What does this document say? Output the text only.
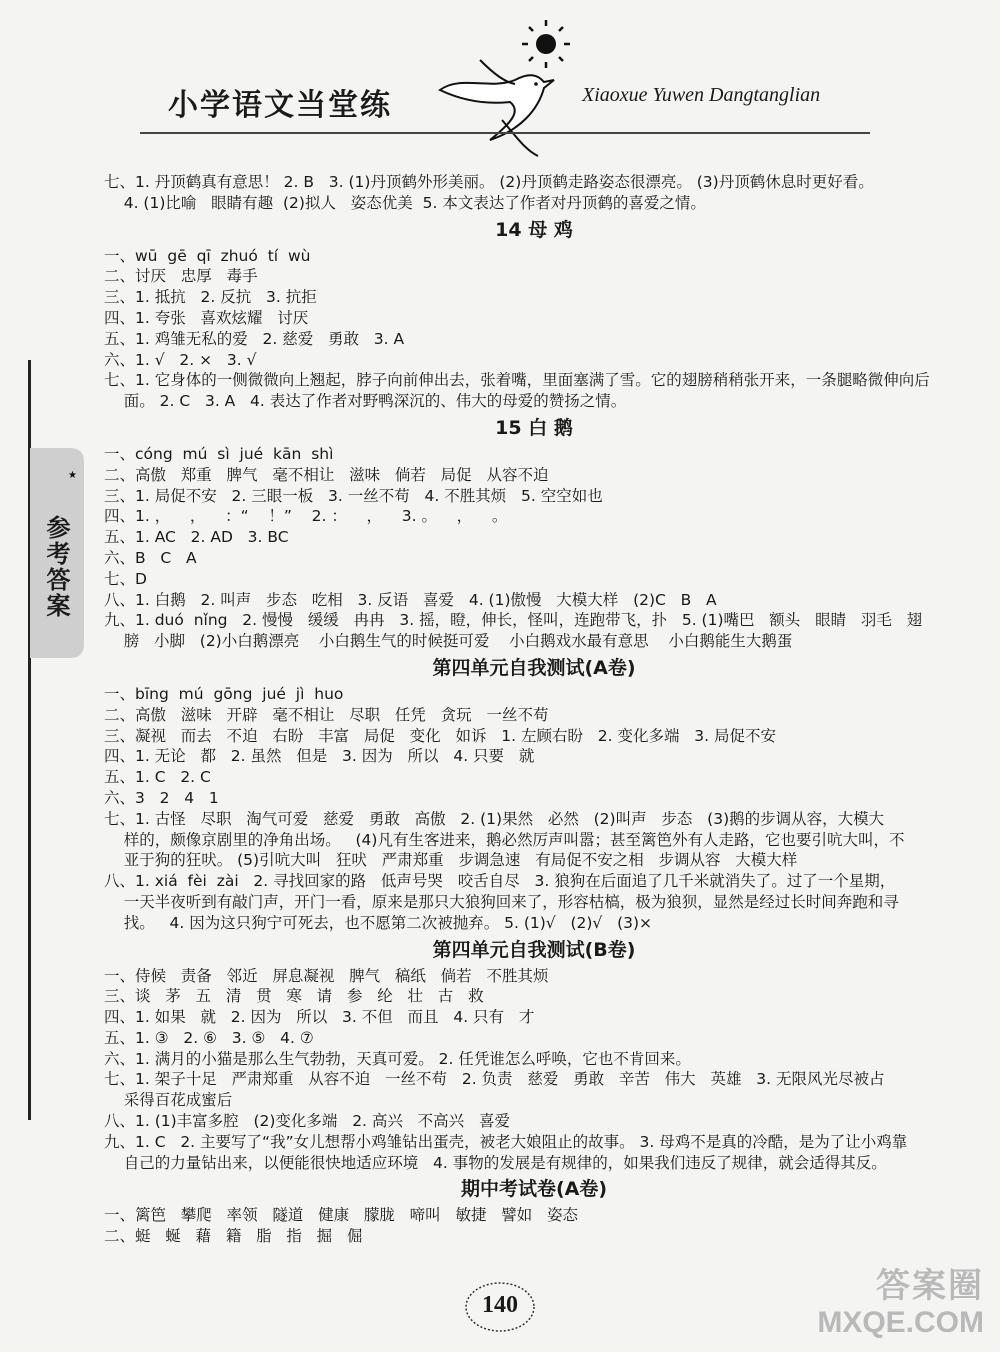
小学语文当堂练	Xiaoxue Yuwen Dangtanglian
★
参考答案
七、1. 丹顶鹤真有意思！ 2. B   3. (1)丹顶鹤外形美丽。 (2)丹顶鹤走路姿态很漂亮。 (3)丹顶鹤休息时更好看。
4. (1)比喻   眼睛有趣  (2)拟人   姿态优美  5. 本文表达了作者对丹顶鹤的喜爱之情。
14 母 鸡
一、wū  gē  qī  zhuó  tí  wù
二、讨厌   忠厚   毒手
三、1. 抵抗   2. 反抗   3. 抗拒
四、1. 夸张   喜欢炫耀   讨厌
五、1. 鸡雏无私的爱   2. 慈爱   勇敢   3. A
六、1. √   2. ×   3. √
七、1. 它身体的一侧微微向上翘起，脖子向前伸出去，张着嘴，里面塞满了雪。它的翅膀稍稍张开来，一条腿略微伸向后
面。 2. C   3. A   4. 表达了作者对野鸭深沉的、伟大的母爱的赞扬之情。
15 白 鹅
一、cóng  mú  sì  jué  kān  shì
二、高傲   郑重   脾气   毫不相让   滋味   倘若   局促   从容不迫
三、1. 局促不安   2. 三眼一板   3. 一丝不苟   4. 不胜其烦   5. 空空如也
四、1. ，    ，    ：“    ！”    2. ：    ，    3. 。    ，    。
五、1. AC   2. AD   3. BC
六、B   C   A
七、D
八、1. 白鹅   2. 叫声   步态   吃相   3. 反语   喜爱   4. (1)傲慢   大模大样   (2)C   B   A
九、1. duó  nǐng   2. 慢慢   缓缓   冉冉   3. 摇，瞪，伸长，怪叫，连跑带飞，扑   5. (1)嘴巴   额头   眼睛   羽毛   翅
膀   小脚   (2)小白鹅漂亮    小白鹅生气的时候挺可爱    小白鹅戏水最有意思    小白鹅能生大鹅蛋
第四单元自我测试(A卷)
一、bīng  mú  gōng  jué  jì  huo
二、高傲   滋味   开辟   毫不相让   尽职   任凭   贪玩   一丝不苟
三、凝视   而去   不迫   右盼   丰富   局促   变化   如诉   1. 左顾右盼   2. 变化多端   3. 局促不安
四、1. 无论   都   2. 虽然   但是   3. 因为   所以   4. 只要   就
五、1. C   2. C
六、3   2   4   1
七、1. 古怪   尽职   淘气可爱   慈爱   勇敢   高傲   2. (1)果然   必然   (2)叫声   步态   (3)鹅的步调从容，大模大
样的，颇像京剧里的净角出场。   (4)凡有生客进来，鹅必然厉声叫嚣；甚至篱笆外有人走路，它也要引吭大叫，不
亚于狗的狂吠。 (5)引吭大叫   狂吠   严肃郑重   步调急速   有局促不安之相   步调从容   大模大样
八、1. xiá  fèi  zài   2. 寻找回家的路   低声号哭   咬舌自尽   3. 狼狗在后面追了几千米就消失了。过了一个星期，
一天半夜听到有敲门声，开门一看，原来是那只大狼狗回来了，形容枯槁，极为狼狈，显然是经过长时间奔跑和寻
找。   4. 因为这只狗宁可死去，也不愿第二次被抛弃。 5. (1)√   (2)√   (3)×
第四单元自我测试(B卷)
一、侍候   责备   邻近   屏息凝视   脾气   稿纸   倘若   不胜其烦
三、谈   茅   五   清   贯   寒   请   参   纶   壮   古   救
四、1. 如果   就   2. 因为   所以   3. 不但   而且   4. 只有   才
五、1. ③   2. ⑥   3. ⑤   4. ⑦
六、1. 满月的小猫是那么生气勃勃，天真可爱。 2. 任凭谁怎么呼唤，它也不肯回来。
七、1. 架子十足   严肃郑重   从容不迫   一丝不苟   2. 负责   慈爱   勇敢   辛苦   伟大   英雄   3. 无限风光尽被占
采得百花成蜜后
八、1. (1)丰富多腔   (2)变化多端   2. 高兴   不高兴   喜爱
九、1. C   2. 主要写了“我”女儿想帮小鸡雏钻出蛋壳，被老大娘阻止的故事。 3. 母鸡不是真的冷酷，是为了让小鸡靠
自己的力量钻出来，以便能很快地适应环境   4. 事物的发展是有规律的，如果我们违反了规律，就会适得其反。
期中考试卷(A卷)
一、篱笆   攀爬   率领   隧道   健康   朦胧   啼叫   敏捷   譬如   姿态
二、蜓   蜒   藉   籍   脂   指   掘   倔
140	答案圈
MXQE.COM
